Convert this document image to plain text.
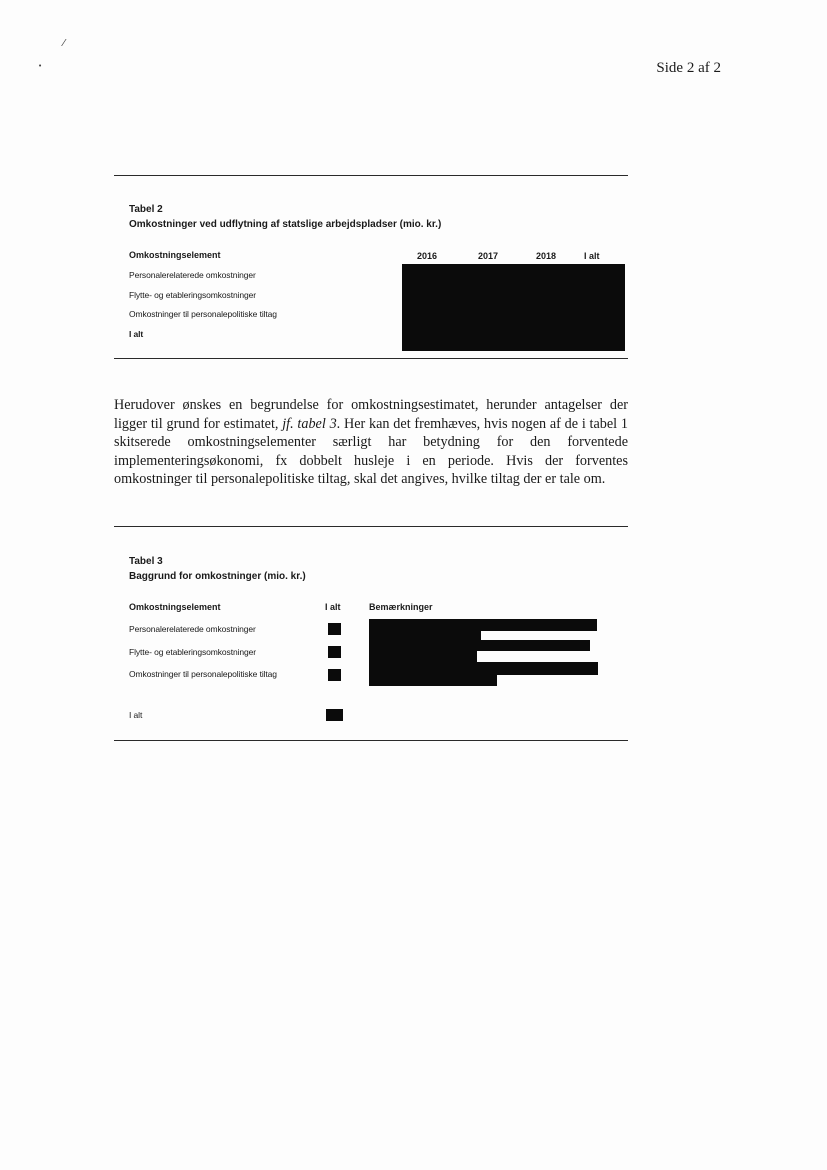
Side 2 af 2
⁄
•
Tabel 2
Omkostninger ved udflytning af statslige arbejdspladser (mio. kr.)
Omkostningselement	2016	2017	2018	I alt
Personalerelaterede omkostninger
Flytte- og etableringsomkostninger
Omkostninger til personalepolitiske tiltag
I alt

Herudover ønskes en begrundelse for omkostningsestimatet, herunder antagelser der ligger til grund for estimatet, jf. tabel 3. Her kan det fremhæves, hvis nogen af de i tabel 1 skitserede omkostningselementer særligt har betydning for den forventede implementeringsøkonomi, fx dobbelt husleje i en periode. Hvis der forventes omkostninger til personalepolitiske tiltag, skal det angives, hvilke tiltag der er tale om.

Tabel 3
Baggrund for omkostninger (mio. kr.)
Omkostningselement	I alt	Bemærkninger
Personalerelaterede omkostninger
Flytte- og etableringsomkostninger
Omkostninger til personalepolitiske tiltag
I alt
